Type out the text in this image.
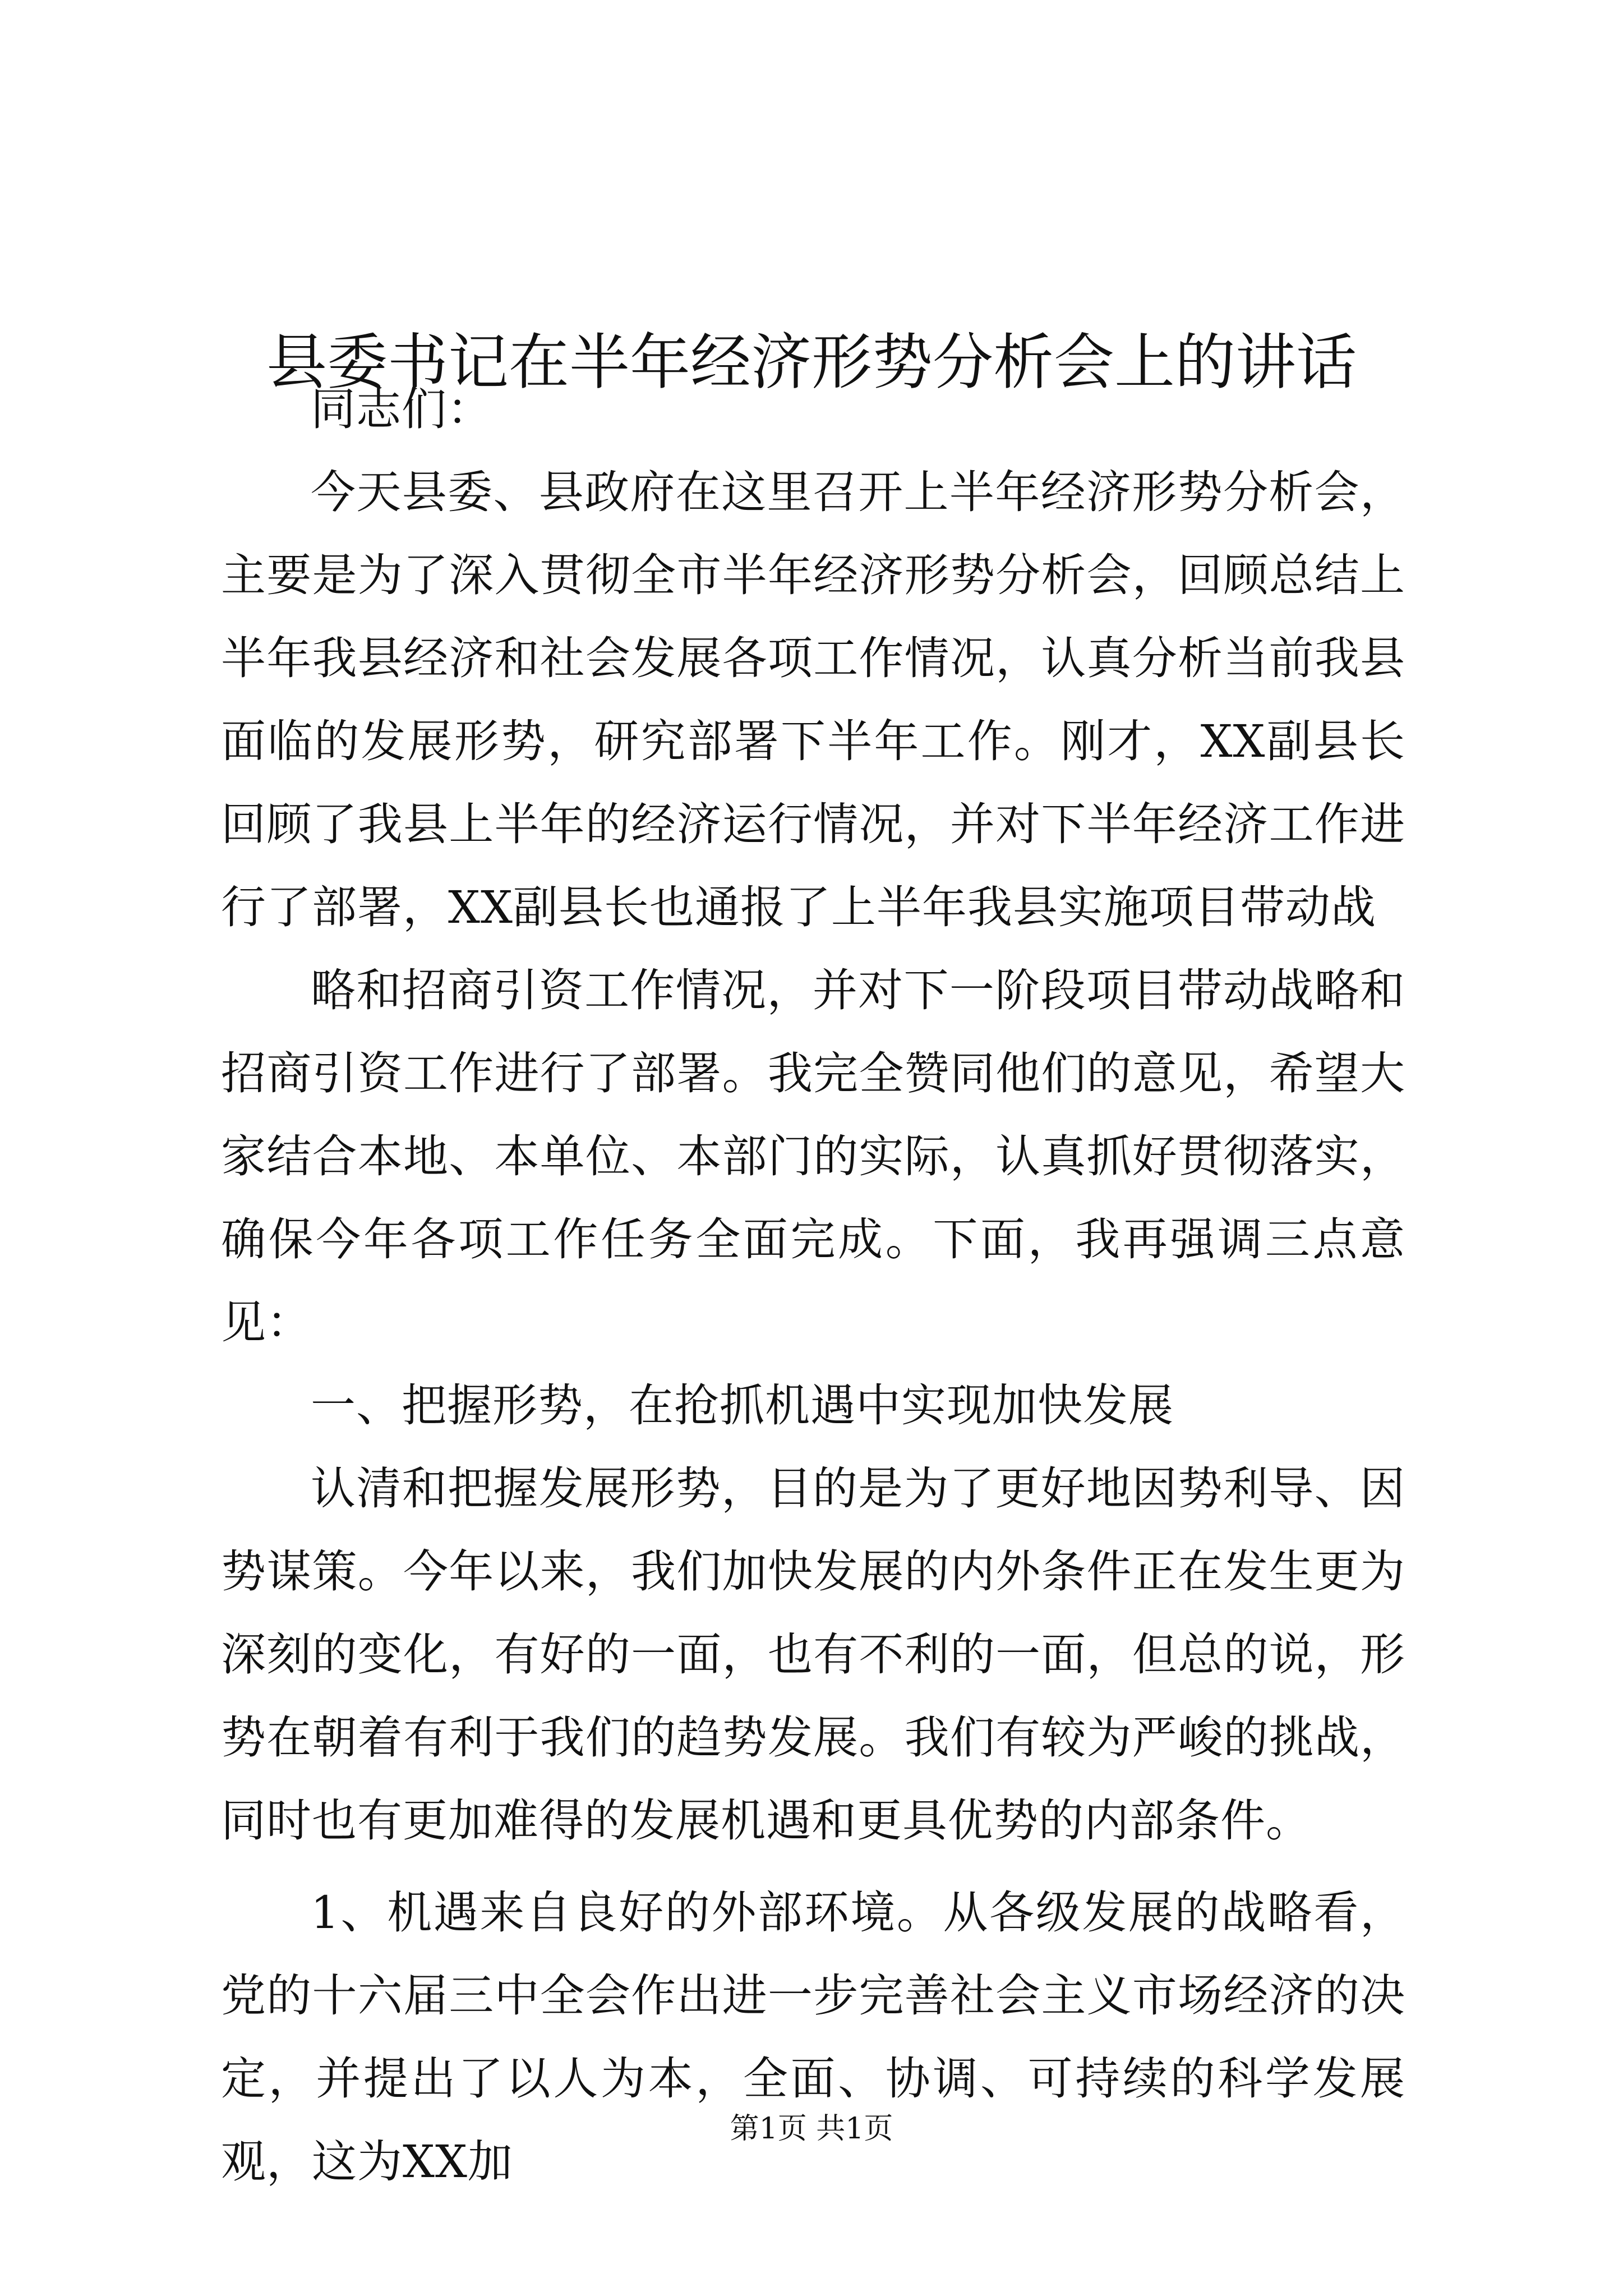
县委书记在半年经济形势分析会上的讲话

同志们：

今天县委、县政府在这里召开上半年经济形势分析会，主要是为了深入贯彻全市半年经济形势分析会，回顾总结上半年我县经济和社会发展各项工作情况，认真分析当前我县面临的发展形势，研究部署下半年工作。刚才，XX副县长回顾了我县上半年的经济运行情况，并对下半年经济工作进行了部署，XX副县长也通报了上半年我县实施项目带动战

略和招商引资工作情况，并对下一阶段项目带动战略和招商引资工作进行了部署。我完全赞同他们的意见，希望大家结合本地、本单位、本部门的实际，认真抓好贯彻落实，确保今年各项工作任务全面完成。下面，我再强调三点意见：

一、把握形势，在抢抓机遇中实现加快发展

认清和把握发展形势，目的是为了更好地因势利导、因势谋策。今年以来，我们加快发展的内外条件正在发生更为深刻的变化，有好的一面，也有不利的一面，但总的说，形势在朝着有利于我们的趋势发展。我们有较为严峻的挑战，同时也有更加难得的发展机遇和更具优势的内部条件。

1、机遇来自良好的外部环境。从各级发展的战略看，党的十六届三中全会作出进一步完善社会主义市场经济的决定，并提出了以人为本，全面、协调、可持续的科学发展观，这为XX加

第1页 共1页
